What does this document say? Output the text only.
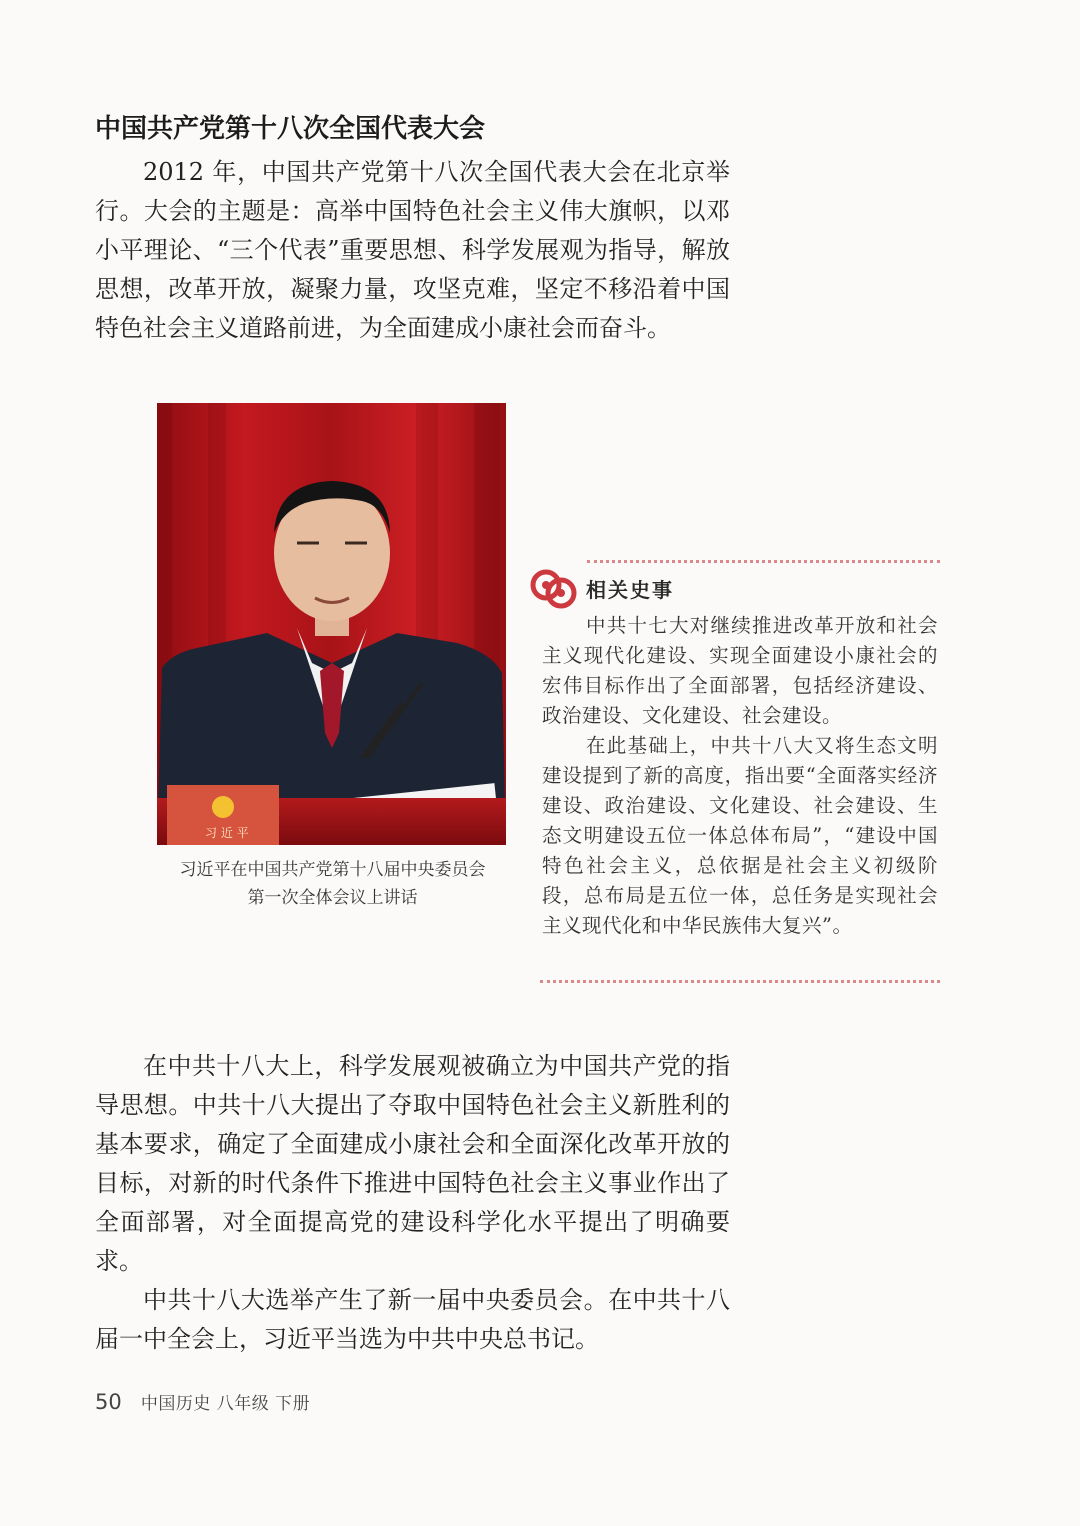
中国共产党第十八次全国代表大会

2012 年，中国共产党第十八次全国代表大会在北京举行。大会的主题是：高举中国特色社会主义伟大旗帜，以邓小平理论、“三个代表”重要思想、科学发展观为指导，解放思想，改革开放，凝聚力量，攻坚克难，坚定不移沿着中国特色社会主义道路前进，为全面建成小康社会而奋斗。

习 近 平
习近平在中国共产党第十八届中央委员会
第一次全体会议上讲话
相关史事

中共十七大对继续推进改革开放和社会主义现代化建设、实现全面建设小康社会的宏伟目标作出了全面部署，包括经济建设、政治建设、文化建设、社会建设。

在此基础上，中共十八大又将生态文明建设提到了新的高度，指出要“全面落实经济建设、政治建设、文化建设、社会建设、生态文明建设五位一体总体布局”，“建设中国特色社会主义，总依据是社会主义初级阶段，总布局是五位一体，总任务是实现社会主义现代化和中华民族伟大复兴”。

在中共十八大上，科学发展观被确立为中国共产党的指导思想。中共十八大提出了夺取中国特色社会主义新胜利的基本要求，确定了全面建成小康社会和全面深化改革开放的目标，对新的时代条件下推进中国特色社会主义事业作出了全面部署，对全面提高党的建设科学化水平提出了明确要求。

中共十八大选举产生了新一届中央委员会。在中共十八届一中全会上，习近平当选为中共中央总书记。

50 中国历史 八年级 下册
